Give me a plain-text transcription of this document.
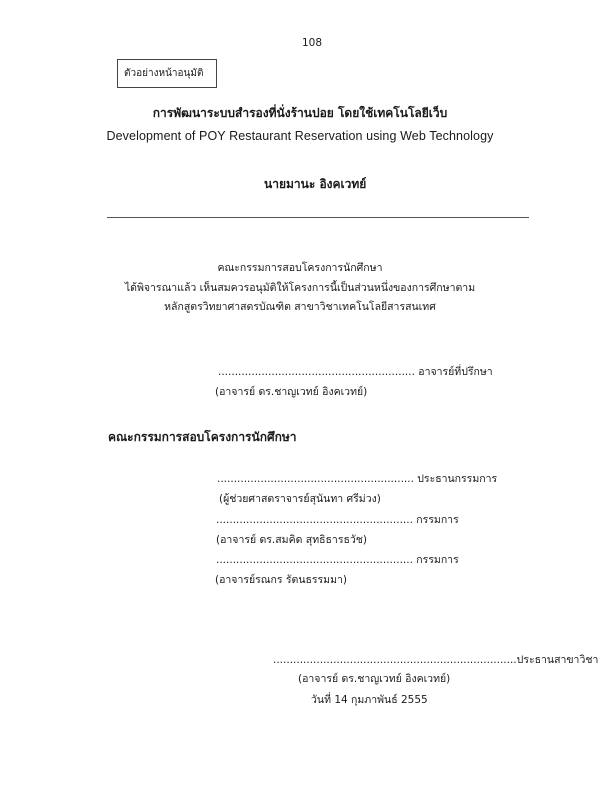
108
ตัวอย่างหน้าอนุมัติ
การพัฒนาระบบสำรองที่นั่งร้านปอย โดยใช้เทคโนโลยีเว็บ
Development of POY Restaurant Reservation using Web Technology
นายมานะ อิงคเวทย์
คณะกรรมการสอบโครงการนักศึกษา
ได้พิจารณาแล้ว เห็นสมควรอนุมัติให้โครงการนี้เป็นส่วนหนึ่งของการศึกษาตาม
หลักสูตรวิทยาศาสตรบัณฑิต สาขาวิชาเทคโนโลยีสารสนเทศ
........................................................... อาจารย์ที่ปรึกษา
(อาจารย์ ดร.ชาญเวทย์ อิงคเวทย์)
คณะกรรมการสอบโครงการนักศึกษา
........................................................... ประธานกรรมการ
(ผู้ช่วยศาสตราจารย์สุนันทา ศรีม่วง)
........................................................... กรรมการ
(อาจารย์ ดร.สมคิด สุทธิธารธวัช)
........................................................... กรรมการ
(อาจารย์รณกร รัตนธรรมมา)
.........................................................................ประธานสาขาวิชา
(อาจารย์ ดร.ชาญเวทย์ อิงคเวทย์)
วันที่ 14 กุมภาพันธ์ 2555
